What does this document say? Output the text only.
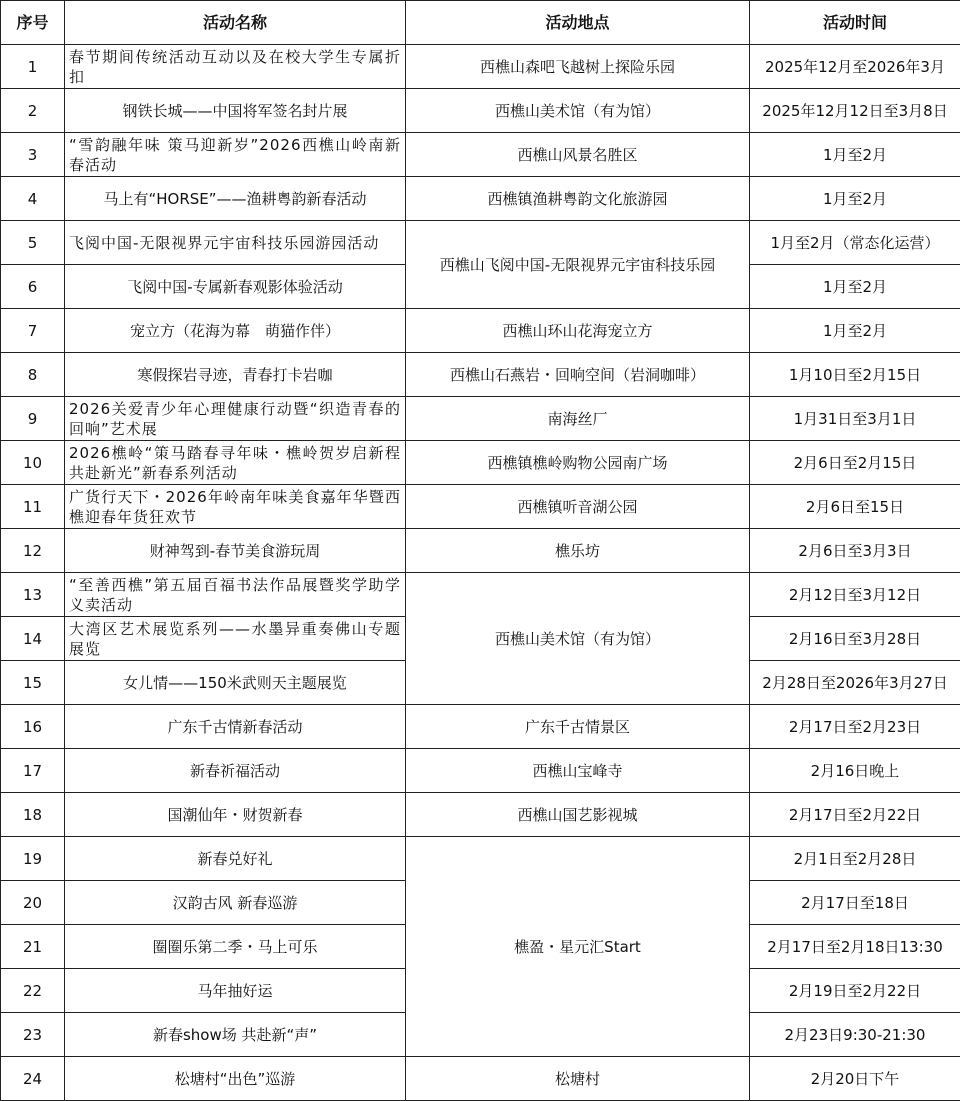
序号	活动名称	活动地点	活动时间
1	春节期间传统活动互动以及在校大学生专属折扣	西樵山森吧飞越树上探险乐园	2025年12月至2026年3月
2	钢铁长城——中国将军签名封片展	西樵山美术馆（有为馆）	2025年12月12日至3月8日
3	“雪韵融年味 策马迎新岁”2026西樵山岭南新春活动	西樵山风景名胜区	1月至2月
4	马上有“HORSE”——渔耕粤韵新春活动	西樵镇渔耕粤韵文化旅游园	1月至2月
5	飞阅中国-无限视界元宇宙科技乐园游园活动	西樵山飞阅中国-无限视界元宇宙科技乐园	1月至2月（常态化运营）
6	飞阅中国-专属新春观影体验活动		1月至2月
7	宠立方（花海为幕　萌猫作伴）	西樵山环山花海宠立方	1月至2月
8	寒假探岩寻迹，青春打卡岩咖	西樵山石燕岩・回响空间（岩洞咖啡）	1月10日至2月15日
9	2026关爱青少年心理健康行动暨“织造青春的回响”艺术展	南海丝厂	1月31日至3月1日
10	2026樵岭“策马踏春寻年味・樵岭贺岁启新程共赴新光”新春系列活动	西樵镇樵岭购物公园南广场	2月6日至2月15日
11	广货行天下・2026年岭南年味美食嘉年华暨西樵迎春年货狂欢节	西樵镇听音湖公园	2月6日至15日
12	财神驾到-春节美食游玩周	樵乐坊	2月6日至3月3日
13	“至善西樵”第五届百福书法作品展暨奖学助学义卖活动	西樵山美术馆（有为馆）	2月12日至3月12日
14	大湾区艺术展览系列——水墨异重奏佛山专题展览		2月16日至3月28日
15	女儿情——150米武则天主题展览		2月28日至2026年3月27日
16	广东千古情新春活动	广东千古情景区	2月17日至2月23日
17	新春祈福活动	西樵山宝峰寺	2月16日晚上
18	国潮仙年・财贺新春	西樵山国艺影视城	2月17日至2月22日
19	新春兑好礼	樵盈・星元汇Start	2月1日至2月28日
20	汉韵古风 新春巡游		2月17日至18日
21	圈圈乐第二季・马上可乐		2月17日至2月18日13:30
22	马年抽好运		2月19日至2月22日
23	新春show场 共赴新“声”		2月23日9:30-21:30
24	松塘村“出色”巡游	松塘村	2月20日下午
